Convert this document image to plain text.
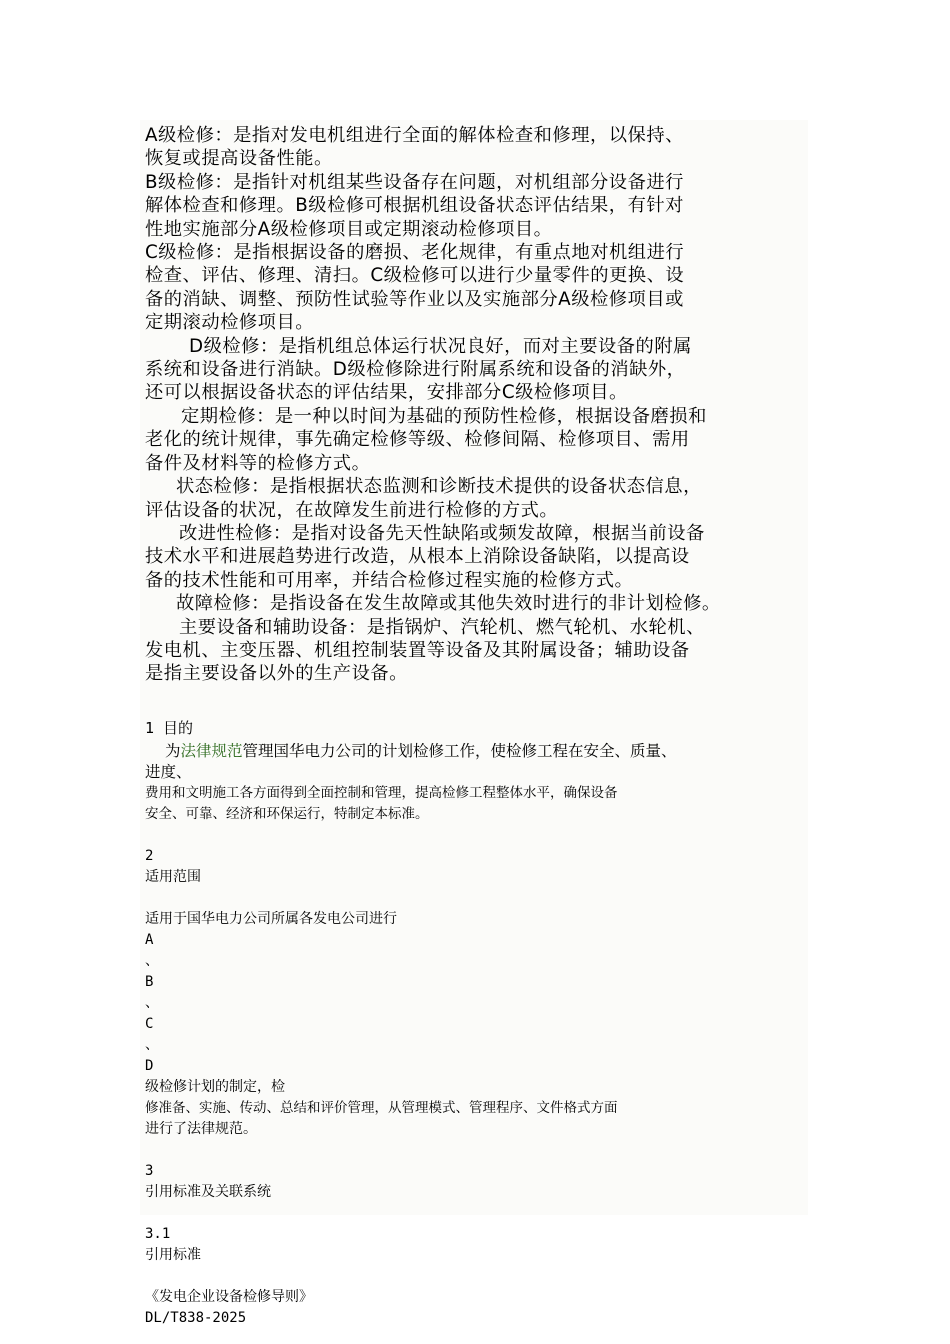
A级检修：是指对发电机组进行全面的解体检查和修理，以保持、

恢复或提高设备性能。

B级检修：是指针对机组某些设备存在问题，对机组部分设备进行

解体检查和修理。B级检修可根据机组设备状态评估结果，有针对

性地实施部分A级检修项目或定期滚动检修项目。

C级检修：是指根据设备的磨损、老化规律，有重点地对机组进行

检查、评估、修理、清扫。C级检修可以进行少量零件的更换、设

备的消缺、调整、预防性试验等作业以及实施部分A级检修项目或

定期滚动检修项目。

D级检修：是指机组总体运行状况良好，而对主要设备的附属

系统和设备进行消缺。D级检修除进行附属系统和设备的消缺外，

还可以根据设备状态的评估结果，安排部分C级检修项目。

定期检修：是一种以时间为基础的预防性检修，根据设备磨损和

老化的统计规律，事先确定检修等级、检修间隔、检修项目、需用

备件及材料等的检修方式。

状态检修：是指根据状态监测和诊断技术提供的设备状态信息，

评估设备的状况，在故障发生前进行检修的方式。

改进性检修：是指对设备先天性缺陷或频发故障，根据当前设备

技术水平和进展趋势进行改造，从根本上消除设备缺陷，以提高设

备的技术性能和可用率，并结合检修过程实施的检修方式。

故障检修：是指设备在发生故障或其他失效时进行的非计划检修。

主要设备和辅助设备：是指锅炉、汽轮机、燃气轮机、水轮机、

发电机、主变压器、机组控制装置等设备及其附属设备；辅助设备

是指主要设备以外的生产设备。

1 目的

为法律规范管理国华电力公司的计划检修工作，使检修工程在安全、质量、

进度、

费用和文明施工各方面得到全面控制和管理，提高检修工程整体水平，确保设备

安全、可靠、经济和环保运行，特制定本标准。

2

适用范围

适用于国华电力公司所属各发电公司进行

A

、

B

、

C

、

D

级检修计划的制定，检

修准备、实施、传动、总结和评价管理，从管理模式、管理程序、文件格式方面

进行了法律规范。

3

引用标准及关联系统

3.1

引用标准

《发电企业设备检修导则》

DL/T838-2025
